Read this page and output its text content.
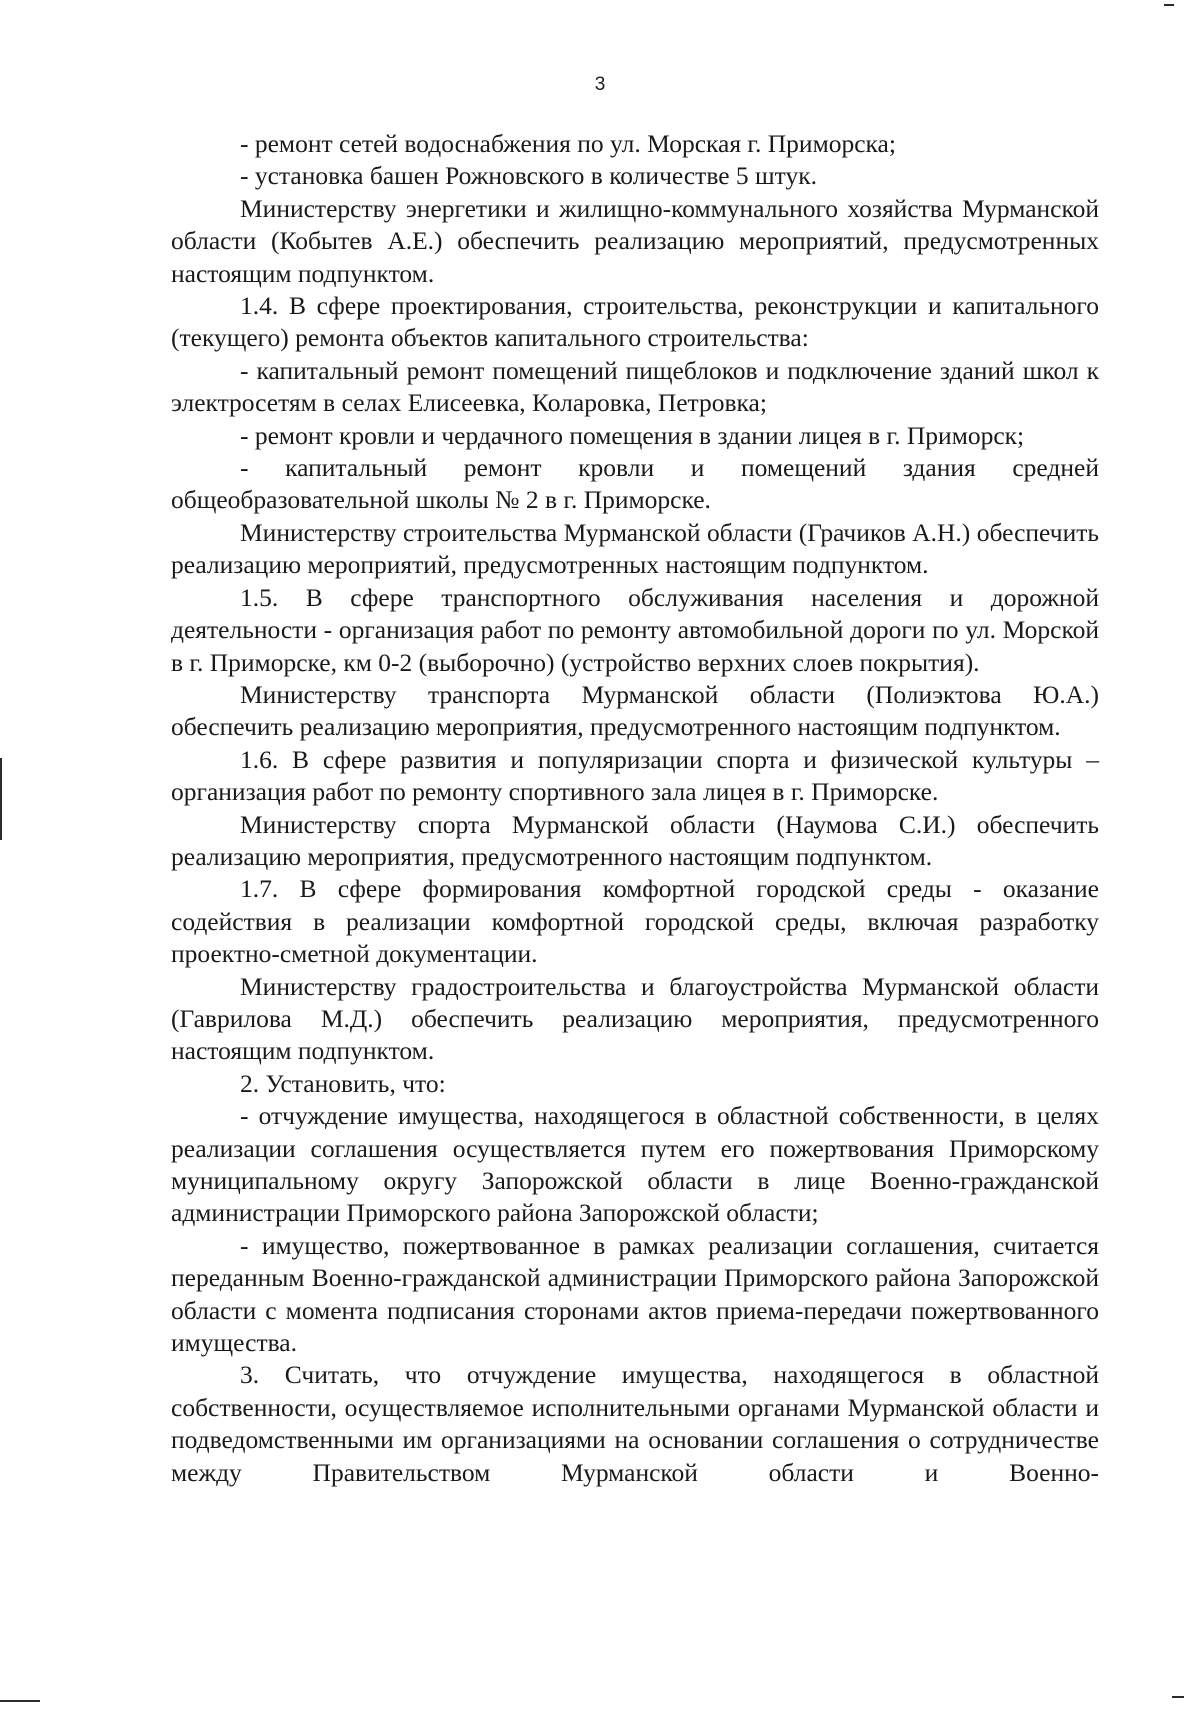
3

- ремонт сетей водоснабжения по ул. Морская г. Приморска;

- установка башен Рожновского в количестве 5 штук.

Министерству энергетики и жилищно-коммунального хозяйства Мурманской области (Кобытев А.Е.) обеспечить реализацию мероприятий, предусмотренных настоящим подпунктом.

1.4. В сфере проектирования, строительства, реконструкции и капитального (текущего) ремонта объектов капитального строительства:

- капитальный ремонт помещений пищеблоков и подключение зданий школ к электросетям в селах Елисеевка, Коларовка, Петровка;

- ремонт кровли и чердачного помещения в здании лицея в г. Приморск;

- капитальный ремонт кровли и помещений здания средней общеобразовательной школы № 2 в г. Приморске.

Министерству строительства Мурманской области (Грачиков А.Н.) обеспечить реализацию мероприятий, предусмотренных настоящим подпунктом.

1.5. В сфере транспортного обслуживания населения и дорожной деятельности - организация работ по ремонту автомобильной дороги по ул. Морской в г. Приморске, км 0-2 (выборочно) (устройство верхних слоев покрытия).

Министерству транспорта Мурманской области (Полиэктова Ю.А.) обеспечить реализацию мероприятия, предусмотренного настоящим подпунктом.

1.6. В сфере развития и популяризации спорта и физической культуры – организация работ по ремонту спортивного зала лицея в г. Приморске.

Министерству спорта Мурманской области (Наумова С.И.) обеспечить реализацию мероприятия, предусмотренного настоящим подпунктом.

1.7. В сфере формирования комфортной городской среды - оказание содействия в реализации комфортной городской среды, включая разработку проектно-сметной документации.

Министерству градостроительства и благоустройства Мурманской области (Гаврилова М.Д.) обеспечить реализацию мероприятия, предусмотренного настоящим подпунктом.

2. Установить, что:

- отчуждение имущества, находящегося в областной собственности, в целях реализации соглашения осуществляется путем его пожертвования Приморскому муниципальному округу Запорожской области в лице Военно-гражданской администрации Приморского района Запорожской области;

- имущество, пожертвованное в рамках реализации соглашения, считается переданным Военно-гражданской администрации Приморского района Запорожской области с момента подписания сторонами актов приема-передачи пожертвованного имущества.

3. Считать, что отчуждение имущества, находящегося в областной собственности, осуществляемое исполнительными органами Мурманской области и подведомственными им организациями на основании соглашения о сотрудничестве между Правительством Мурманской области и Военно-
